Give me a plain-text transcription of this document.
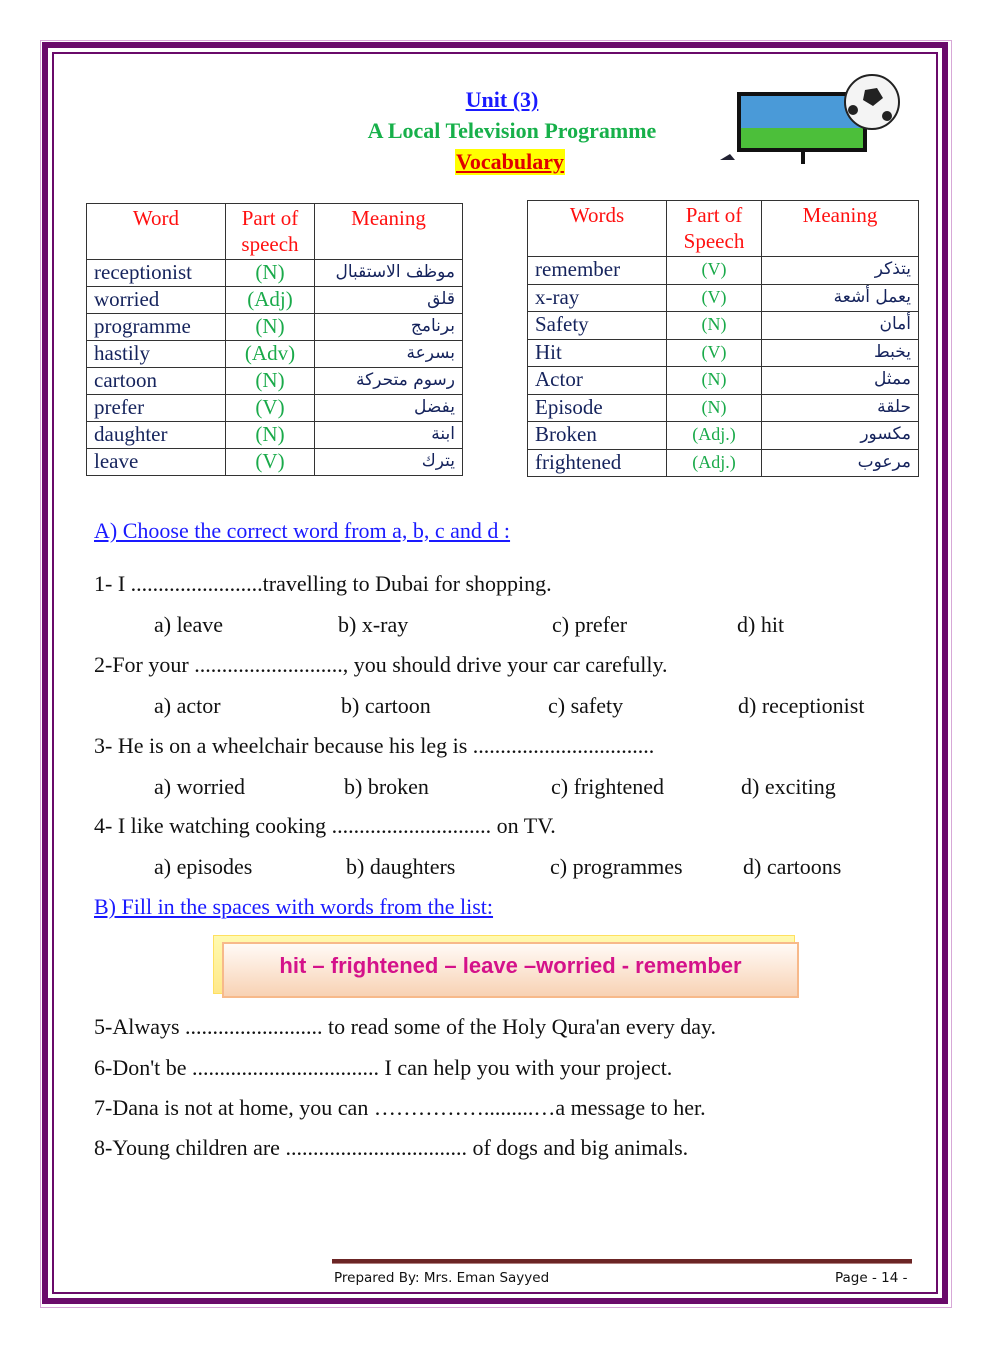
Unit (3)
A Local Television Programme
Vocabulary
Word	Part of speech	Meaning
receptionist	(N)	موظف الاستقبال
worried	(Adj)	قلق
programme	(N)	برنامج
hastily	(Adv)	بسرعة
cartoon	(N)	رسوم متحركة
prefer	(V)	يفضل
daughter	(N)	ابنة
leave	(V)	يترك
Words	Part of Speech	Meaning
remember	(V)	يتذكر
x-ray	(V)	يعمل أشعة
Safety	(N)	أمان
Hit	(V)	يخبط
Actor	(N)	ممثل
Episode	(N)	حلقة
Broken	(Adj.)	مكسور
frightened	(Adj.)	مرعوب
A) Choose the correct word from a, b, c and d :
1- I ........................travelling to Dubai for shopping.
a) leave	b) x-ray	c) prefer	d) hit
2-For your ..........................., you should drive your car carefully.
a) actor	b) cartoon	c) safety	d) receptionist
3- He is on a wheelchair because his leg is .................................
a) worried	b) broken	c) frightened	d) exciting
4- I like watching cooking ............................. on TV.
a) episodes	b) daughters	c) programmes	d) cartoons
B) Fill in the spaces with words from the list:
hit – frightened – leave –worried - remember
5-Always ......................... to read some of the Holy Qura'an every day.
6-Don't be .................................. I can help you with your project.
7-Dana is not at home, you can …………….........…a message to her.
8-Young children are ................................. of dogs and big animals.
Prepared By: Mrs. Eman Sayyed	Page - 14 -
